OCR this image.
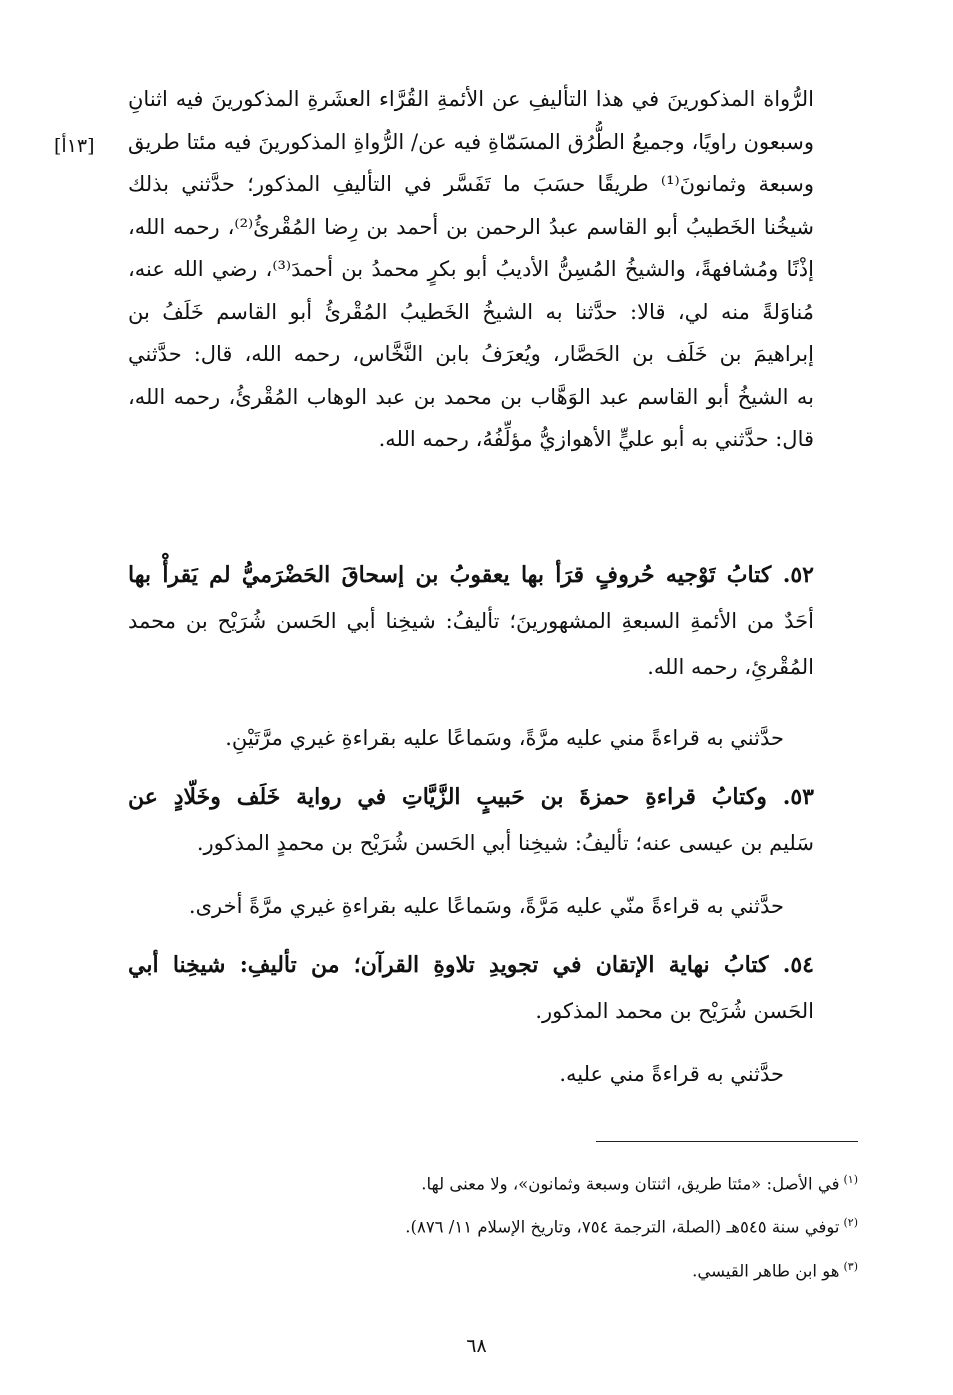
[١٣أ]
الرُّواة المذكورينَ في هذا التأليفِ عن الأئمةِ القُرَّاء العشَرةِ المذكورينَ فيه اثنانِ
وسبعون راويًا، وجميعُ الطُّرُق المسَمّاةِ فيه عن/ الرُّواةِ المذكورينَ فيه مئتا طريق
وسبعة وثمانونَ⁽¹⁾ طريقًا حسَبَ ما تَفَسَّر في التأليفِ المذكور؛ حدَّثني بذلك
شيخُنا الخَطيبُ أبو القاسم عبدُ الرحمن بن أحمد بن رِضا المُقْرئُ⁽²⁾، رحمه الله،
إذْنًا ومُشافهةً، والشيخُ المُسِنُّ الأديبُ أبو بكرٍ محمدُ بن أحمدَ⁽³⁾، رضي الله عنه،
مُناوَلةً منه لي، قالا: حدَّثنا به الشيخُ الخَطيبُ المُقْرئُ أبو القاسم خَلَفُ بن
إبراهيمَ بن خَلَف بن الحَصَّار، ويُعرَفُ بابن النَّخَّاس، رحمه الله، قال: حدَّثني
به الشيخُ أبو القاسم عبد الوَهَّاب بن محمد بن عبد الوهاب المُقْرئُ، رحمه الله،
قال: حدَّثني به أبو عليٍّ الأهوازيُّ مؤلِّفُهُ، رحمه الله.
٥٢. كتابُ تَوْجيه حُروفٍ قرَأ بها يعقوبُ بن إسحاقَ الحَضْرَميُّ لم يَقرأْ بها
أحَدٌ من الأئمةِ السبعةِ المشهورينَ؛ تأليفُ: شيخِنا أبي الحَسن شُرَيْح بن محمد
المُقْرئِ، رحمه الله.
حدَّثني به قراءةً مني عليه مرَّةً، وسَماعًا عليه بقراءةِ غيري مرَّتَيْنِ.
٥٣. وكتابُ قراءةِ حمزةَ بن حَبيبٍ الزَّيَّاتِ في رواية خَلَف وخَلّادٍ عن
سَليم بن عيسى عنه؛ تأليفُ: شيخِنا أبي الحَسن شُرَيْح بن محمدٍ المذكور.
حدَّثني به قراءةً منّي عليه مَرَّةً، وسَماعًا عليه بقراءةِ غيري مرَّةً أخرى.
٥٤. كتابُ نهاية الإتقان في تجويدِ تلاوةِ القرآن؛ من تأليفِ: شيخِنا أبي
الحَسن شُرَيْح بن محمد المذكور.
حدَّثني به قراءةً مني عليه.
$^{(١)}$في الأصل: «مئتا طريق، اثنتان وسبعة وثمانون»، ولا معنى لها.
$^{(٢)}$توفي سنة ٥٤٥هـ (الصلة، الترجمة ٧٥٤، وتاريخ الإسلام ١١/ ٨٧٦).
$^{(٣)}$هو ابن طاهر القيسي.
٦٨
